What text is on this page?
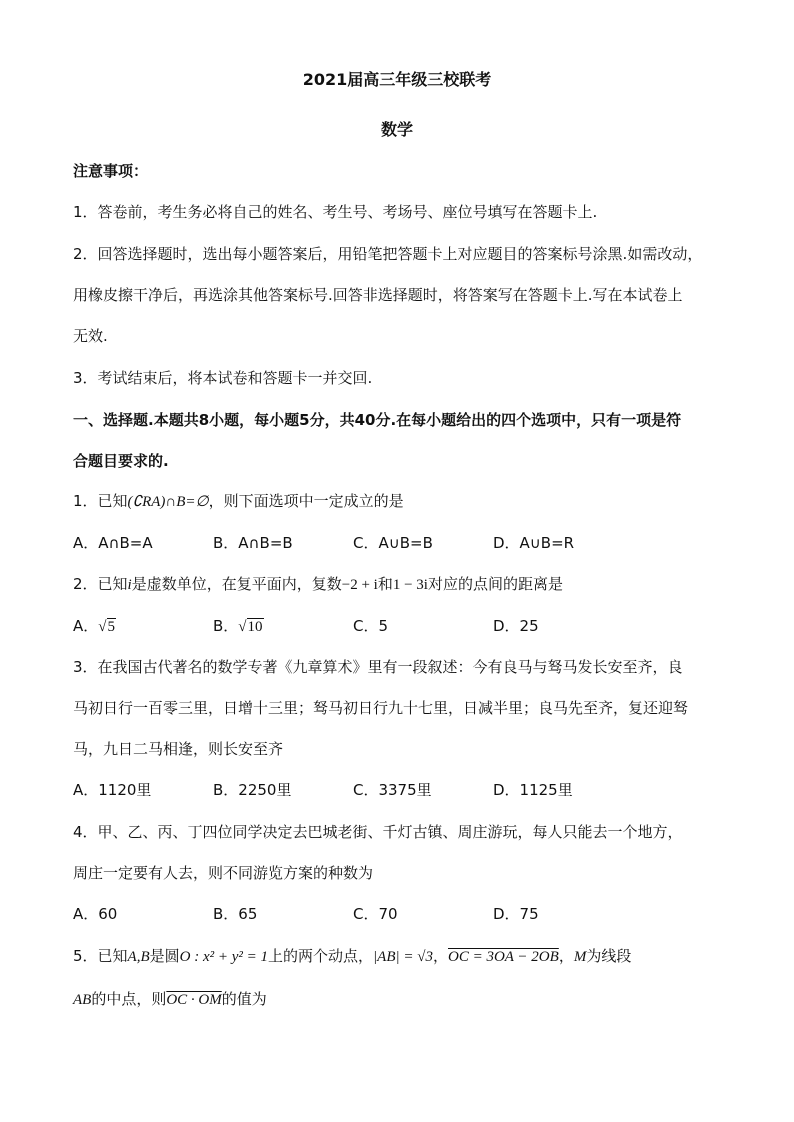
2021届高三年级三校联考
数学
注意事项：
1．答卷前，考生务必将自己的姓名、考生号、考场号、座位号填写在答题卡上.
2．回答选择题时，选出每小题答案后，用铅笔把答题卡上对应题目的答案标号涂黑.如需改动，
用橡皮擦干净后，再选涂其他答案标号.回答非选择题时，将答案写在答题卡上.写在本试卷上
无效.
3．考试结束后，将本试卷和答题卡一并交回.
一、选择题.本题共8小题，每小题5分，共40分.在每小题给出的四个选项中，只有一项是符
合题目要求的.
1．已知(∁RA)∩B=∅，则下面选项中一定成立的是
A．A∩B=A	B．A∩B=B	C．A∪B=B	D．A∪B=R
2．已知i是虚数单位，在复平面内，复数−2 + i和1 − 3i对应的点间的距离是
A．√5	B．√10	C．5	D．25
3．在我国古代著名的数学专著《九章算术》里有一段叙述：今有良马与驽马发长安至齐，良
马初日行一百零三里，日增十三里；驽马初日行九十七里，日减半里；良马先至齐，复还迎驽
马，九日二马相逢，则长安至齐
A．1120里	B．2250里	C．3375里	D．1125里
4．甲、乙、丙、丁四位同学决定去巴城老街、千灯古镇、周庄游玩，每人只能去一个地方，
周庄一定要有人去，则不同游览方案的种数为
A．60	B．65	C．70	D．75
5．已知A,B是圆O : x² + y² = 1上的两个动点，|AB| = √3，OC = 3OA − 2OB，M为线段
AB的中点，则OC · OM的值为
